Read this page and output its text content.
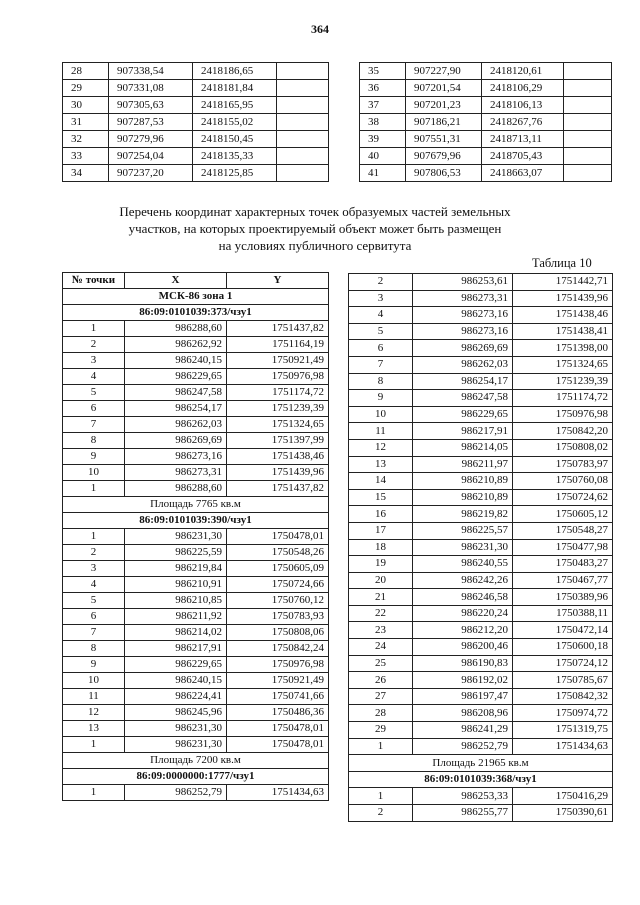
364
28	907338,54	2418186,65	
29	907331,08	2418181,84	
30	907305,63	2418165,95	
31	907287,53	2418155,02	
32	907279,96	2418150,45	
33	907254,04	2418135,33	
34	907237,20	2418125,85	
35	907227,90	2418120,61	
36	907201,54	2418106,29	
37	907201,23	2418106,13	
38	907186,21	2418267,76	
39	907551,31	2418713,11	
40	907679,96	2418705,43	
41	907806,53	2418663,07	
Перечень координат характерных точек образуемых частей земельных
участков, на которых проектируемый объект может быть размещен
на условиях публичного сервитута
Таблица 10
№ точки	X	Y
МСК-86 зона 1		
86:09:0101039:373/чзу1		
1	986288,60	1751437,82
2	986262,92	1751164,19
3	986240,15	1750921,49
4	986229,65	1750976,98
5	986247,58	1751174,72
6	986254,17	1751239,39
7	986262,03	1751324,65
8	986269,69	1751397,99
9	986273,16	1751438,46
10	986273,31	1751439,96
1	986288,60	1751437,82
Площадь 7765 кв.м		
86:09:0101039:390/чзу1		
1	986231,30	1750478,01
2	986225,59	1750548,26
3	986219,84	1750605,09
4	986210,91	1750724,66
5	986210,85	1750760,12
6	986211,92	1750783,93
7	986214,02	1750808,06
8	986217,91	1750842,24
9	986229,65	1750976,98
10	986240,15	1750921,49
11	986224,41	1750741,66
12	986245,96	1750486,36
13	986231,30	1750478,01
1	986231,30	1750478,01
Площадь 7200 кв.м		
86:09:0000000:1777/чзу1		
1	986252,79	1751434,63
2	986253,61	1751442,71
3	986273,31	1751439,96
4	986273,16	1751438,46
5	986273,16	1751438,41
6	986269,69	1751398,00
7	986262,03	1751324,65
8	986254,17	1751239,39
9	986247,58	1751174,72
10	986229,65	1750976,98
11	986217,91	1750842,20
12	986214,05	1750808,02
13	986211,97	1750783,97
14	986210,89	1750760,08
15	986210,89	1750724,62
16	986219,82	1750605,12
17	986225,57	1750548,27
18	986231,30	1750477,98
19	986240,55	1750483,27
20	986242,26	1750467,77
21	986246,58	1750389,96
22	986220,24	1750388,11
23	986212,20	1750472,14
24	986200,46	1750600,18
25	986190,83	1750724,12
26	986192,02	1750785,67
27	986197,47	1750842,32
28	986208,96	1750974,72
29	986241,29	1751319,75
1	986252,79	1751434,63
Площадь 21965 кв.м		
86:09:0101039:368/чзу1		
1	986253,33	1750416,29
2	986255,77	1750390,61
